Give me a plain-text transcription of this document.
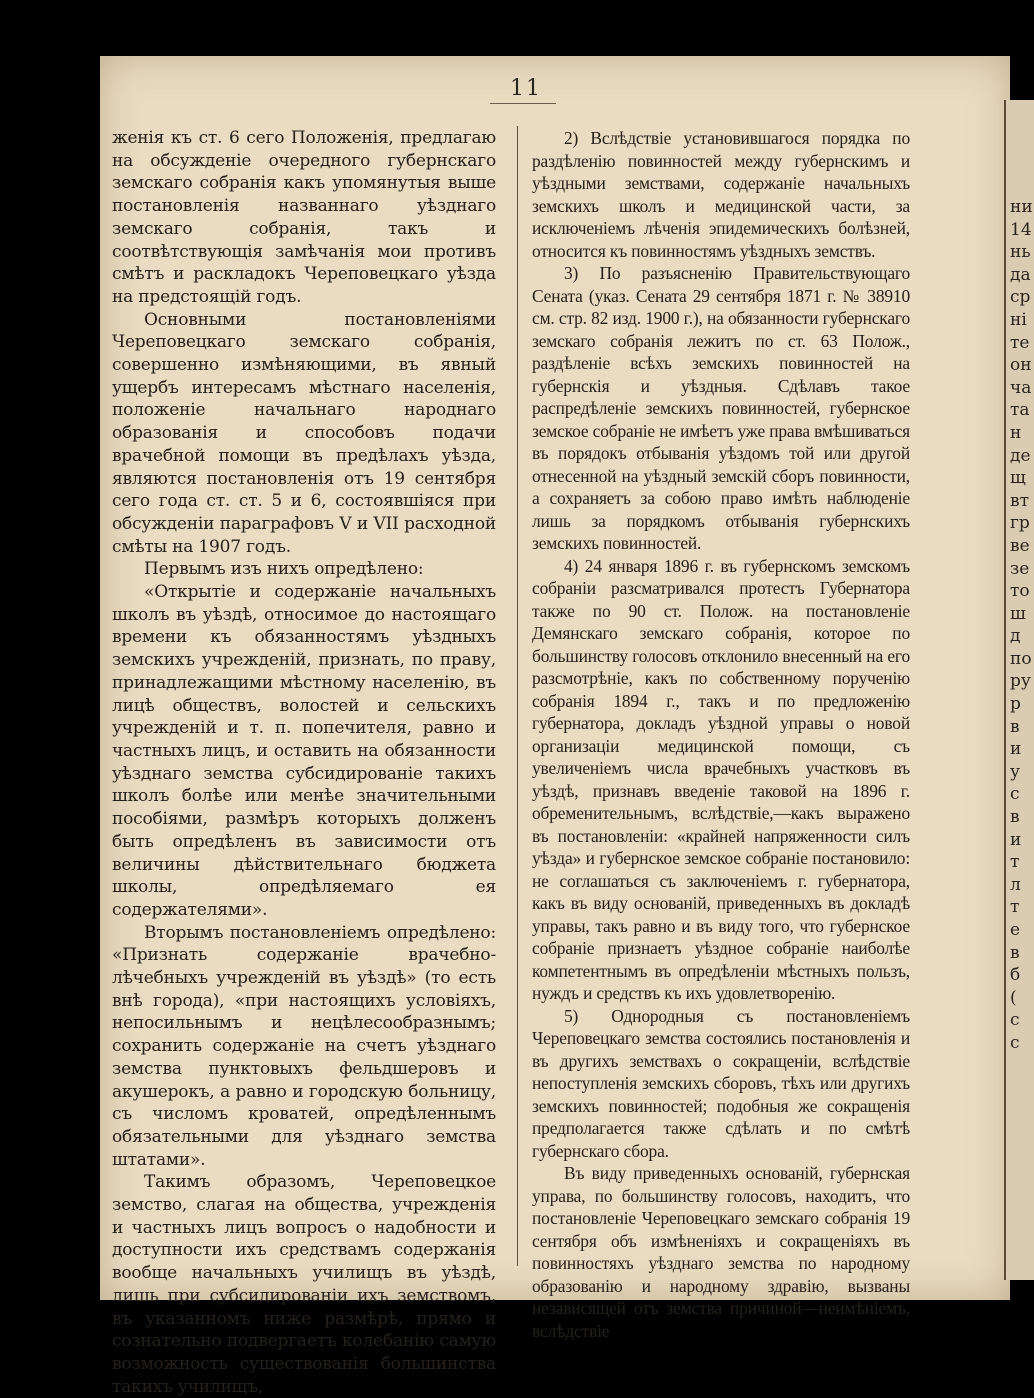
ни
14
нь
да
ср
ні
те
он
ча
та
н
де
щ
вт
гр
ве
зе
то
ш
д
по
ру
р
в
и
у
с
в
и
т
л
т
е
в
б
(
с
с
11

женія къ ст. 6 сего Положенія, предлагаю на обсужденіе очередного губернскаго земскаго собранія какъ упомянутыя выше постановленія названнаго уѣзднаго земскаго собранія, такъ и соотвѣтствующія замѣчанія мои противъ смѣтъ и раскладокъ Череповецкаго уѣзда на предстоящій годъ.

Основными постановленіями Череповецкаго земскаго собранія, совершенно измѣняющими, въ явный ущербъ интересамъ мѣстнаго населенія, положеніе начальнаго народнаго образованія и способовъ подачи врачебной помощи въ предѣлахъ уѣзда, являются постановленія отъ 19 сентября сего года ст. ст. 5 и 6, состоявшіяся при обсужденіи параграфовъ V и VII расходной смѣты на 1907 годъ.

Первымъ изъ нихъ опредѣлено:

«Открытіе и содержаніе начальныхъ школъ въ уѣздѣ, относимое до настоящаго времени къ обязанностямъ уѣздныхъ земскихъ учрежденій, признать, по праву, принадлежащими мѣстному населенію, въ лицѣ обществъ, волостей и сельскихъ учрежденій и т. п. попечителя, равно и частныхъ лицъ, и оставить на обязанности уѣзднаго земства субсидированіе такихъ школъ болѣе или менѣе значительными пособіями, размѣръ которыхъ долженъ быть опредѣленъ въ зависимости отъ величины дѣйствительнаго бюджета школы, опредѣляемаго ея содержателями».

Вторымъ постановленіемъ опредѣлено: «Признать содержаніе врачебно-лѣчебныхъ учрежденій въ уѣздѣ» (то есть внѣ города), «при настоящихъ условіяхъ, непосильнымъ и нецѣлесообразнымъ; сохранить содержаніе на счетъ уѣзднаго земства пунктовыхъ фельдшеровъ и акушерокъ, а равно и городскую больницу, съ числомъ кроватей, опредѣленнымъ обязательными для уѣзднаго земства штатами».

Такимъ образомъ, Череповецкое земство, слагая на общества, учрежденія и частныхъ лицъ вопросъ о надобности и доступности ихъ средствамъ содержанія вообще начальныхъ училищъ въ уѣздѣ, лишь при субсидированіи ихъ земствомъ, въ указанномъ ниже размѣрѣ, прямо и сознательно подвергаетъ колебанію самую возможность существованія большинства такихъ училищъ,

2) Вслѣдствіе установившагося порядка по раздѣленію повинностей между губернскимъ и уѣздными земствами, содержаніе начальныхъ земскихъ школъ и медицинской части, за исключеніемъ лѣченія эпидемическихъ болѣзней, относится къ повинностямъ уѣздныхъ земствъ.

3) По разъясненію Правительствующаго Сената (указ. Сената 29 сентября 1871 г. № 38910 см. стр. 82 изд. 1900 г.), на обязанности губернскаго земскаго собранія лежитъ по ст. 63 Полож., раздѣленіе всѣхъ земскихъ повинностей на губернскія и уѣздныя. Сдѣлавъ такое распредѣленіе земскихъ повинностей, губернское земское собраніе не имѣетъ уже права вмѣшиваться въ порядокъ отбыванія уѣздомъ той или другой отнесенной на уѣздный земскій сборъ повинности, а сохраняетъ за собою право имѣть наблюденіе лишь за порядкомъ отбыванія губернскихъ земскихъ повинностей.

4) 24 января 1896 г. въ губернскомъ земскомъ собраніи разсматривался протестъ Губернатора также по 90 ст. Полож. на постановленіе Демянскаго земскаго собранія, которое по большинству голосовъ отклонило внесенный на его разсмотрѣніе, какъ по собственному порученію собранія 1894 г., такъ и по предложенію губернатора, докладъ уѣздной управы о новой организаціи медицинской помощи, съ увеличеніемъ числа врачебныхъ участковъ въ уѣздѣ, признавъ введеніе таковой на 1896 г. обременительнымъ, вслѣдствіе,—какъ выражено въ постановленіи: «крайней напряженности силъ уѣзда» и губернское земское собраніе постановило: не соглашаться съ заключеніемъ г. губернатора, какъ въ виду основаній, приведенныхъ въ докладѣ управы, такъ равно и въ виду того, что губернское собраніе признаетъ уѣздное собраніе наиболѣе компетентнымъ въ опредѣленіи мѣстныхъ пользъ, нуждъ и средствъ къ ихъ удовлетворенію.

5) Однородныя съ постановленіемъ Череповецкаго земства состоялись постановленія и въ другихъ земствахъ о сокращеніи, вслѣдствіе непоступленія земскихъ сборовъ, тѣхъ или другихъ земскихъ повинностей; подобныя же сокращенія предполагается также сдѣлать и по смѣтѣ губернскаго сбора.

Въ виду приведенныхъ основаній, губернская управа, по большинству голосовъ, находитъ, что постановленіе Череповецкаго земскаго собранія 19 сентября объ измѣненіяхъ и сокращеніяхъ въ повинностяхъ уѣзднаго земства по народному образованію и народному здравію, вызваны независящей отъ земства причиной—неимѣніемъ, вслѣдствіе
